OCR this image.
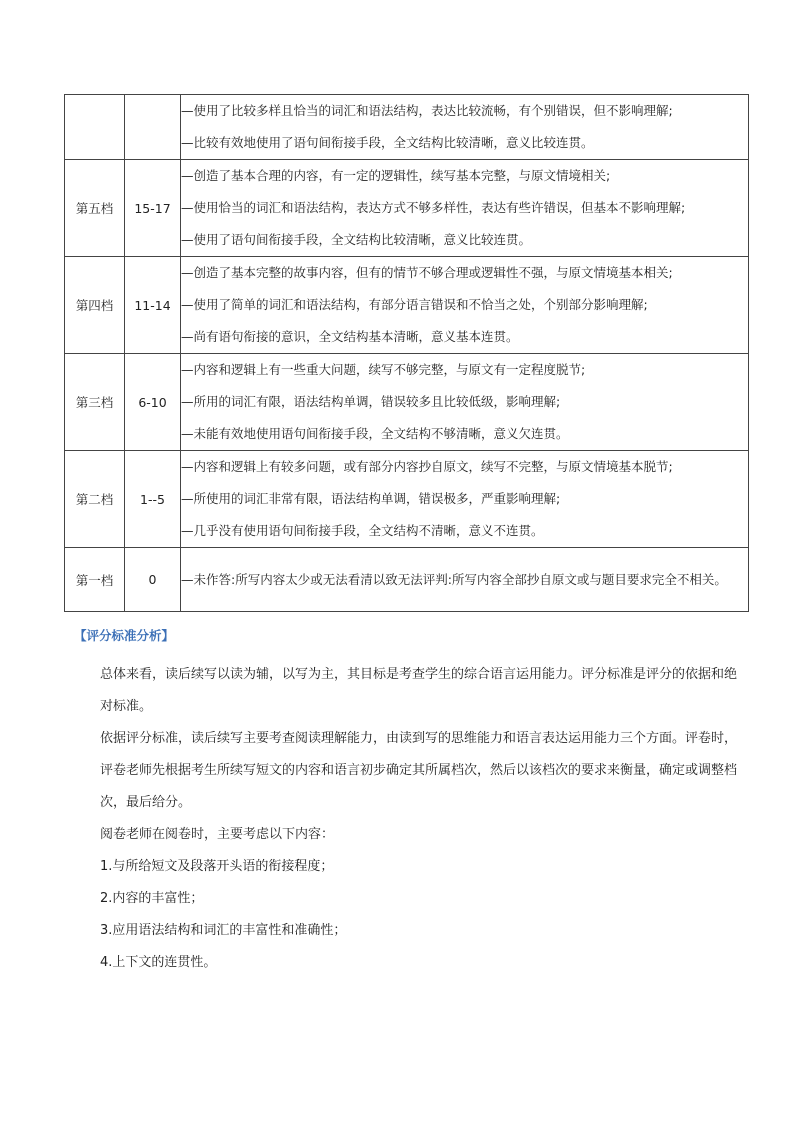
		—使用了比较多样且恰当的词汇和语法结构，表达比较流畅，有个别错误，但不影响理解;
—比较有效地使用了语句间衔接手段，全文结构比较清晰，意义比较连贯。

第五档	15-17	—创造了基本合理的内容，有一定的逻辑性，续写基本完整，与原文情境相关;
—使用恰当的词汇和语法结构，表达方式不够多样性，表达有些许错误，但基本不影响理解;
—使用了语句间衔接手段，全文结构比较清晰，意义比较连贯。

第四档	11-14	—创造了基本完整的故事内容，但有的情节不够合理或逻辑性不强，与原文情境基本相关;
—使用了简单的词汇和语法结构，有部分语言错误和不恰当之处，个别部分影响理解;
—尚有语句衔接的意识，全文结构基本清晰，意义基本连贯。

第三档	6-10	—内容和逻辑上有一些重大问题，续写不够完整，与原文有一定程度脱节;
—所用的词汇有限，语法结构单调，错误较多且比较低级，影响理解;
—未能有效地使用语句间衔接手段，全文结构不够清晰，意义欠连贯。

第二档	1--5	—内容和逻辑上有较多问题，或有部分内容抄自原文，续写不完整，与原文情境基本脱节;
—所使用的词汇非常有限，语法结构单调，错误极多，严重影响理解;
—几乎没有使用语句间衔接手段，全文结构不清晰，意义不连贯。

第一档	0	—未作答:所写内容太少或无法看清以致无法评判:所写内容全部抄自原文或与题目要求完全不相关。
【评分标准分析】
总体来看，读后续写以读为辅，以写为主，其目标是考查学生的综合语言运用能力。评分标准是评分的依据和绝对标准。
依据评分标准，读后续写主要考查阅读理解能力，由读到写的思维能力和语言表达运用能力三个方面。评卷时，评卷老师先根据考生所续写短文的内容和语言初步确定其所属档次，然后以该档次的要求来衡量，确定或调整档次，最后给分。
阅卷老师在阅卷时，主要考虑以下内容：
1.与所给短文及段落开头语的衔接程度；
2.内容的丰富性；
3.应用语法结构和词汇的丰富性和准确性；
4.上下文的连贯性。
